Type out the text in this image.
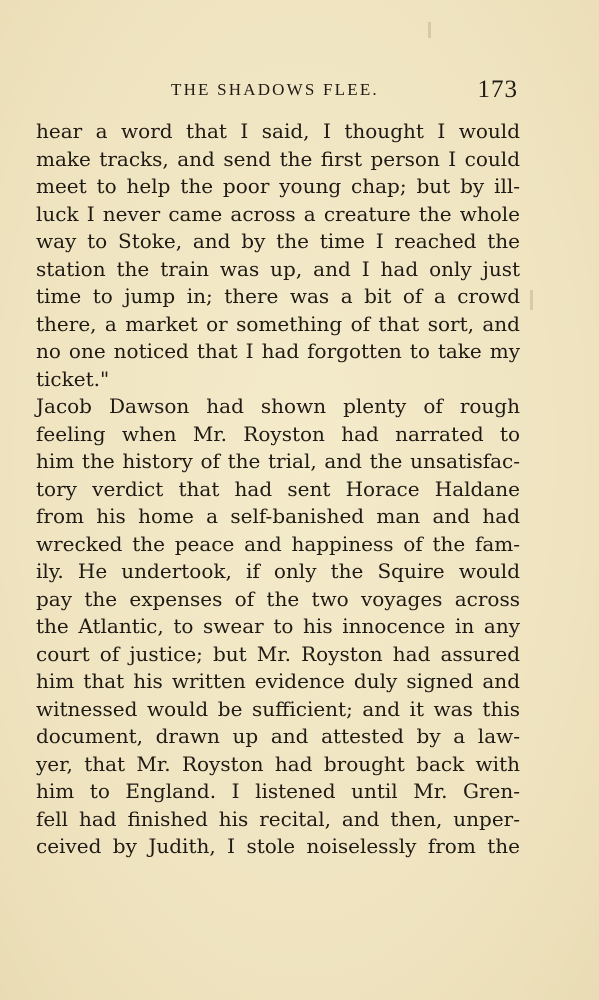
THE SHADOWS FLEE.	173
hear a word that I said, I thought I would
make tracks, and send the first person I could
meet to help the poor young chap; but by ill-
luck I never came across a creature the whole
way to Stoke, and by the time I reached the
station the train was up, and I had only just
time to jump in; there was a bit of a crowd
there, a market or something of that sort, and
no one noticed that I had forgotten to take my
ticket."
Jacob Dawson had shown plenty of rough
feeling when Mr. Royston had narrated to
him the history of the trial, and the unsatisfac-
tory verdict that had sent Horace Haldane
from his home a self-banished man and had
wrecked the peace and happiness of the fam-
ily. He undertook, if only the Squire would
pay the expenses of the two voyages across
the Atlantic, to swear to his innocence in any
court of justice; but Mr. Royston had assured
him that his written evidence duly signed and
witnessed would be sufficient; and it was this
document, drawn up and attested by a law-
yer, that Mr. Royston had brought back with
him to England. I listened until Mr. Gren-
fell had finished his recital, and then, unper-
ceived by Judith, I stole noiselessly from the
